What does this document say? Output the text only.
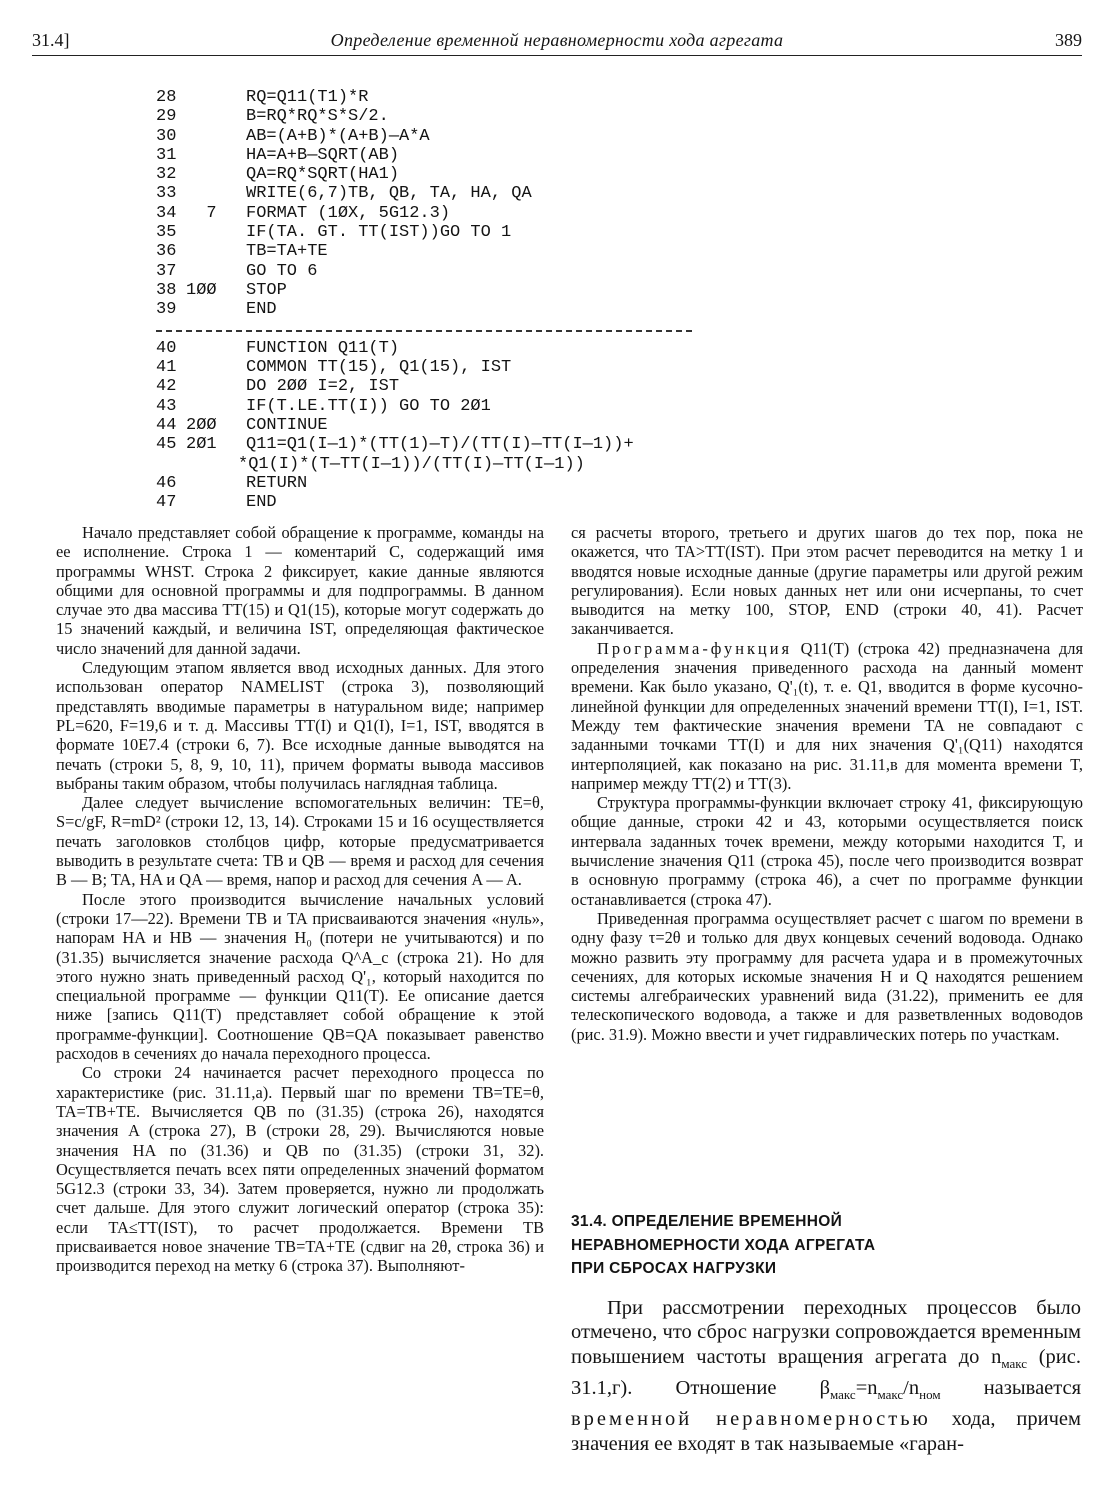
31.4]	Определение временной неравномерности хода агрегата	389
28	RQ=Q11(T1)*R
29	B=RQ*RQ*S*S/2.
30	AB=(A+B)*(A+B)—A*A
31	HA=A+B—SQRT(AB)
32	QA=RQ*SQRT(HA1)
33	WRITE(6,7)TB, QB, TA, HA, QA
34 7	FORMAT (1ØX, 5G12.3)
35	IF(TA. GT. TT(IST))GO TO 1
36	TB=TA+TE
37	GO TO 6
38 1ØØ	STOP
39	END
40	FUNCTION Q11(T)
41	COMMON TT(15), Q1(15), IST
42	DO 2ØØ I=2, IST
43	IF(T.LE.TT(I)) GO TO 2Ø1
44 2ØØ	CONTINUE
45 2Ø1	Q11=Q1(I—1)*(TT(1)—T)/(TT(I)—TT(I—1))+
*Q1(I)*(T—TT(I—1))/(TT(I)—TT(I—1))
46	RETURN
47	END

Начало представляет собой обращение к программе, команды на ее исполнение. Строка 1 — коментарий C, содержащий имя программы WHST. Строка 2 фиксирует, какие данные являются общими для основной программы и для подпрограммы. В данном случае это два массива TT(15) и Q1(15), которые могут содержать до 15 значений каждый, и величина IST, определяющая фактическое число значений для данной задачи.

Следующим этапом является ввод исходных данных. Для этого использован оператор NAMELIST (строка 3), позволяющий представлять вводимые параметры в натуральном виде; например PL=620, F=19,6 и т. д. Массивы TT(I) и Q1(I), I=1, IST, вводятся в формате 10E7.4 (строки 6, 7). Все исходные данные выводятся на печать (строки 5, 8, 9, 10, 11), причем форматы вывода массивов выбраны таким образом, чтобы получилась наглядная таблица.

Далее следует вычисление вспомогательных величин: TE=θ, S=c/gF, R=mD² (строки 12, 13, 14). Строками 15 и 16 осуществляется печать заголовков столбцов цифр, которые предусматривается выводить в результате счета: TB и QB — время и расход для сечения B — B; TA, HA и QA — время, напор и расход для сечения A — A.

После этого производится вычисление начальных условий (строки 17—22). Времени TB и TA присваиваются значения «нуль», напорам HA и HB — значения H₀ (потери не учитываются) и по (31.35) вычисляется значение расхода Q^A_c (строка 21). Но для этого нужно знать приведенный расход Q'₁, который находится по специальной программе — функции Q11(T). Ее описание дается ниже [запись Q11(T) представляет собой обращение к этой программе-функции]. Соотношение QB=QA показывает равенство расходов в сечениях до начала переходного процесса.

Со строки 24 начинается расчет переходного процесса по характеристике (рис. 31.11,а). Первый шаг по времени TB=TE=θ, TA=TB+TE. Вычисляется QB по (31.35) (строка 26), находятся значения A (строка 27), B (строки 28, 29). Вычисляются новые значения HA по (31.36) и QB по (31.35) (строки 31, 32). Осуществляется печать всех пяти определенных значений форматом 5G12.3 (строки 33, 34). Затем проверяется, нужно ли продолжать счет дальше. Для этого служит логический оператор (строка 35): если TA≤TT(IST), то расчет продолжается. Времени TB присваивается новое значение TB=TA+TE (сдвиг на 2θ, строка 36) и производится переход на метку 6 (строка 37). Выполняют-

ся расчеты второго, третьего и других шагов до тех пор, пока не окажется, что TA>TT(IST). При этом расчет переводится на метку 1 и вводятся новые исходные данные (другие параметры или другой режим регулирования). Если новых данных нет или они исчерпаны, то счет выводится на метку 100, STOP, END (строки 40, 41). Расчет заканчивается.

Программа-функция Q11(T) (строка 42) предназначена для определения значения приведенного расхода на данный момент времени. Как было указано, Q'₁(t), т. е. Q1, вводится в форме кусочно-линейной функции для определенных значений времени TT(I), I=1, IST. Между тем фактические значения времени TA не совпадают с заданными точками TT(I) и для них значения Q'₁(Q11) находятся интерполяцией, как показано на рис. 31.11,в для момента времени T, например между TT(2) и TT(3).

Структура программы-функции включает строку 41, фиксирующую общие данные, строки 42 и 43, которыми осуществляется поиск интервала заданных точек времени, между которыми находится T, и вычисление значения Q11 (строка 45), после чего производится возврат в основную программу (строка 46), а счет по программе функции останавливается (строка 47).

Приведенная программа осуществляет расчет с шагом по времени в одну фазу τ=2θ и только для двух концевых сечений водовода. Однако можно развить эту программу для расчета удара и в промежуточных сечениях, для которых искомые значения H и Q находятся решением системы алгебраических уравнений вида (31.22), применить ее для телескопического водовода, а также и для разветвленных водоводов (рис. 31.9). Можно ввести и учет гидравлических потерь по участкам.

31.4. ОПРЕДЕЛЕНИЕ ВРЕМЕННОЙ
НЕРАВНОМЕРНОСТИ ХОДА АГРЕГАТА
ПРИ СБРОСАХ НАГРУЗКИ

При рассмотрении переходных процессов было отмечено, что сброс нагрузки сопровождается временным повышением частоты вращения агрегата до $n_{макс}$ (рис. 31.1,г). Отношение $\beta_{макс}=n_{макс}/n_{ном}$ называется временной неравномерностью хода, причем значения ее входят в так называемые «гаран-
